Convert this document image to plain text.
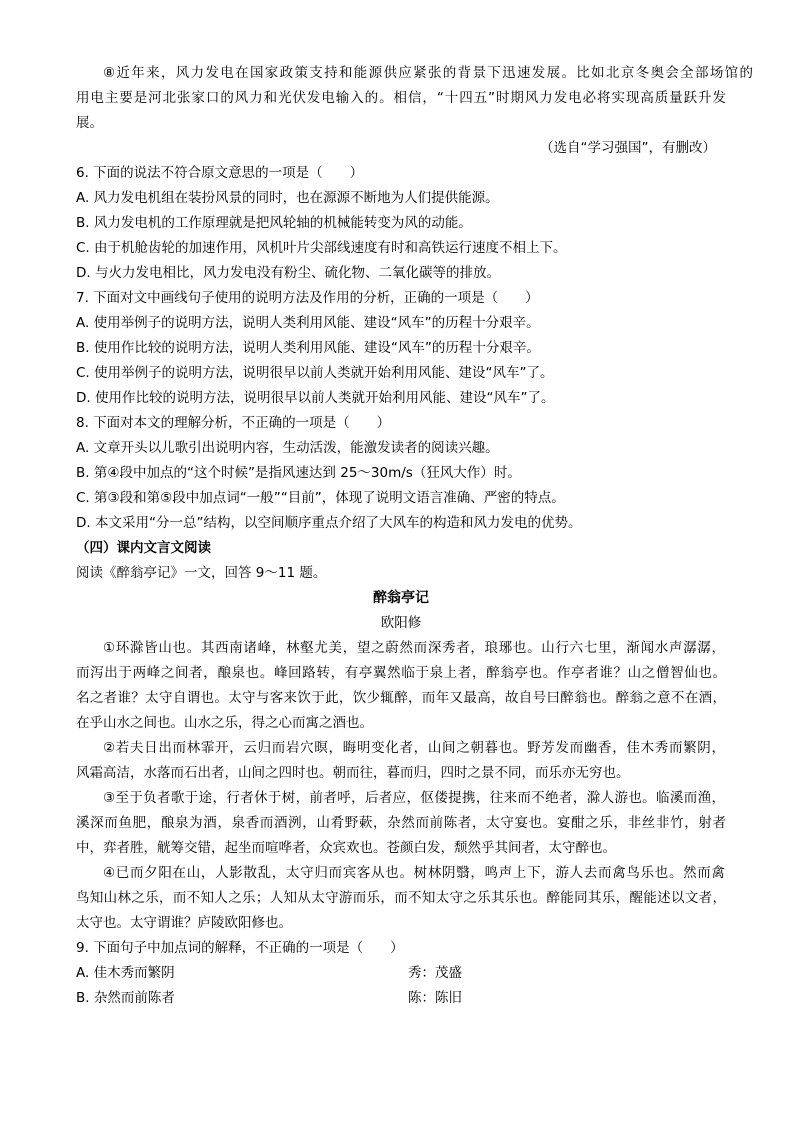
⑧近年来，风力发电在国家政策支持和能源供应紧张的背景下迅速发展。比如北京冬奥会全部场馆的
用电主要是河北张家口的风力和光伏发电输入的。相信，“十四五”时期风力发电必将实现高质量跃升发
展。
（选自“学习强国”，有删改）
6. 下面的说法不符合原文意思的一项是（　　）
A. 风力发电机组在装扮风景的同时，也在源源不断地为人们提供能源。
B. 风力发电机的工作原理就是把风轮轴的机械能转变为风的动能。
C. 由于机舱齿轮的加速作用，风机叶片尖部线速度有时和高铁运行速度不相上下。
D. 与火力发电相比，风力发电没有粉尘、硫化物、二氧化碳等的排放。
7. 下面对文中画线句子使用的说明方法及作用的分析，正确的一项是（　　）
A. 使用举例子的说明方法，说明人类利用风能、建设“风车”的历程十分艰辛。
B. 使用作比较的说明方法，说明人类利用风能、建设“风车”的历程十分艰辛。
C. 使用举例子的说明方法，说明很早以前人类就开始利用风能、建设“风车”了。
D. 使用作比较的说明方法，说明很早以前人类就开始利用风能、建设“风车”了。
8. 下面对本文的理解分析，不正确的一项是（　　）
A. 文章开头以儿歌引出说明内容，生动活泼，能激发读者的阅读兴趣。
B. 第④段中加点的“这个时候”是指风速达到 25～30m/s（狂风大作）时。
C. 第③段和第⑤段中加点词“一般”“目前”，体现了说明文语言准确、严密的特点。
D. 本文采用“分一总”结构，以空间顺序重点介绍了大风车的构造和风力发电的优势。
（四）课内文言文阅读
阅读《醉翁亭记》一文，回答 9～11 题。
醉翁亭记
欧阳修
①环滁皆山也。其西南诸峰，林壑尤美，望之蔚然而深秀者，琅琊也。山行六七里，渐闻水声潺潺，
而泻出于两峰之间者，酿泉也。峰回路转，有亭翼然临于泉上者，醉翁亭也。作亭者谁？山之僧智仙也。
名之者谁？太守自谓也。太守与客来饮于此，饮少辄醉，而年又最高，故自号曰醉翁也。醉翁之意不在酒，
在乎山水之间也。山水之乐，得之心而寓之酒也。
②若夫日出而林霏开，云归而岩穴暝，晦明变化者，山间之朝暮也。野芳发而幽香，佳木秀而繁阴，
风霜高洁，水落而石出者，山间之四时也。朝而往，暮而归，四时之景不同，而乐亦无穷也。
③至于负者歌于途，行者休于树，前者呼，后者应，伛偻提携，往来而不绝者，滁人游也。临溪而渔，
溪深而鱼肥，酿泉为酒，泉香而酒洌，山肴野蔌，杂然而前陈者，太守宴也。宴酣之乐，非丝非竹，射者
中，弈者胜，觥筹交错，起坐而喧哗者，众宾欢也。苍颜白发，颓然乎其间者，太守醉也。
④已而夕阳在山，人影散乱，太守归而宾客从也。树林阴翳，鸣声上下，游人去而禽鸟乐也。然而禽
鸟知山林之乐，而不知人之乐；人知从太守游而乐，而不知太守之乐其乐也。醉能同其乐，醒能述以文者，
太守也。太守谓谁？庐陵欧阳修也。
9. 下面句子中加点词的解释，不正确的一项是（　　）
A. 佳木秀而繁阴	秀：茂盛
B. 杂然而前陈者	陈：陈旧
